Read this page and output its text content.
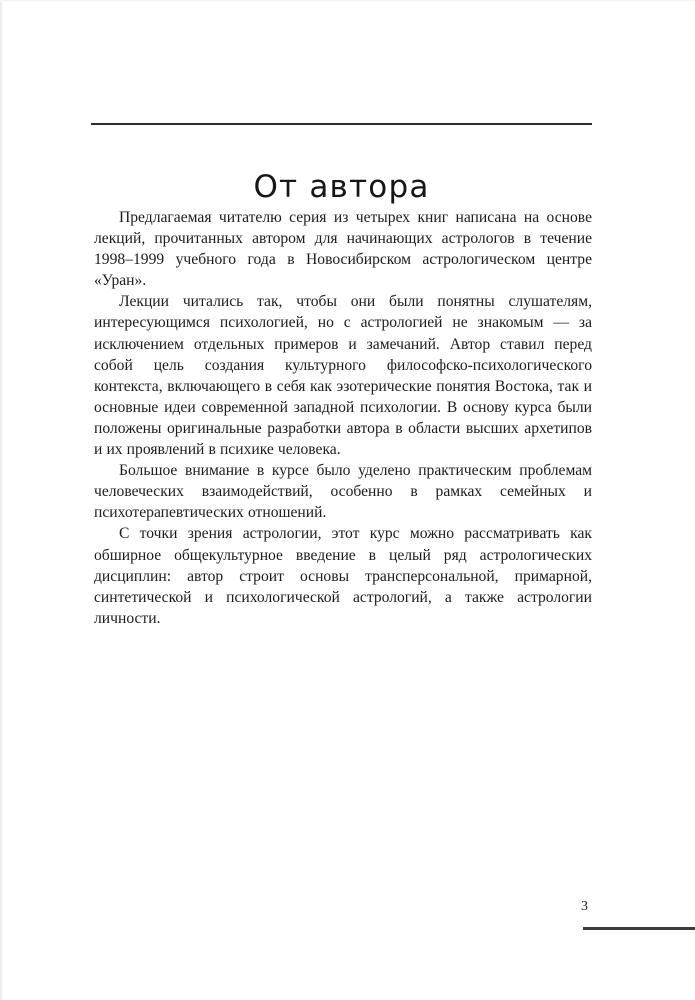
От автора

Предлагаемая читателю серия из четырех книг написана на основе лекций, прочитанных автором для начинающих астрологов в течение 1998–1999 учебного года в Новосибирском астрологическом центре «Уран».

Лекции читались так, чтобы они были понятны слушателям, интересующимся психологией, но с астрологией не знакомым — за исключением отдельных примеров и замечаний. Автор ставил перед собой цель создания культурного философско-психологического контекста, включающего в себя как эзотерические понятия Востока, так и основные идеи современной западной психологии. В основу курса были положены оригинальные разработки автора в области высших архетипов и их проявлений в психике человека.

Большое внимание в курсе было уделено практическим проблемам человеческих взаимодействий, особенно в рамках семейных и психотерапевтических отношений.

С точки зрения астрологии, этот курс можно рассматривать как обширное общекультурное введение в целый ряд астрологических дисциплин: автор строит основы трансперсональной, примарной, синтетической и психологической астрологий, а также астрологии личности.

3
